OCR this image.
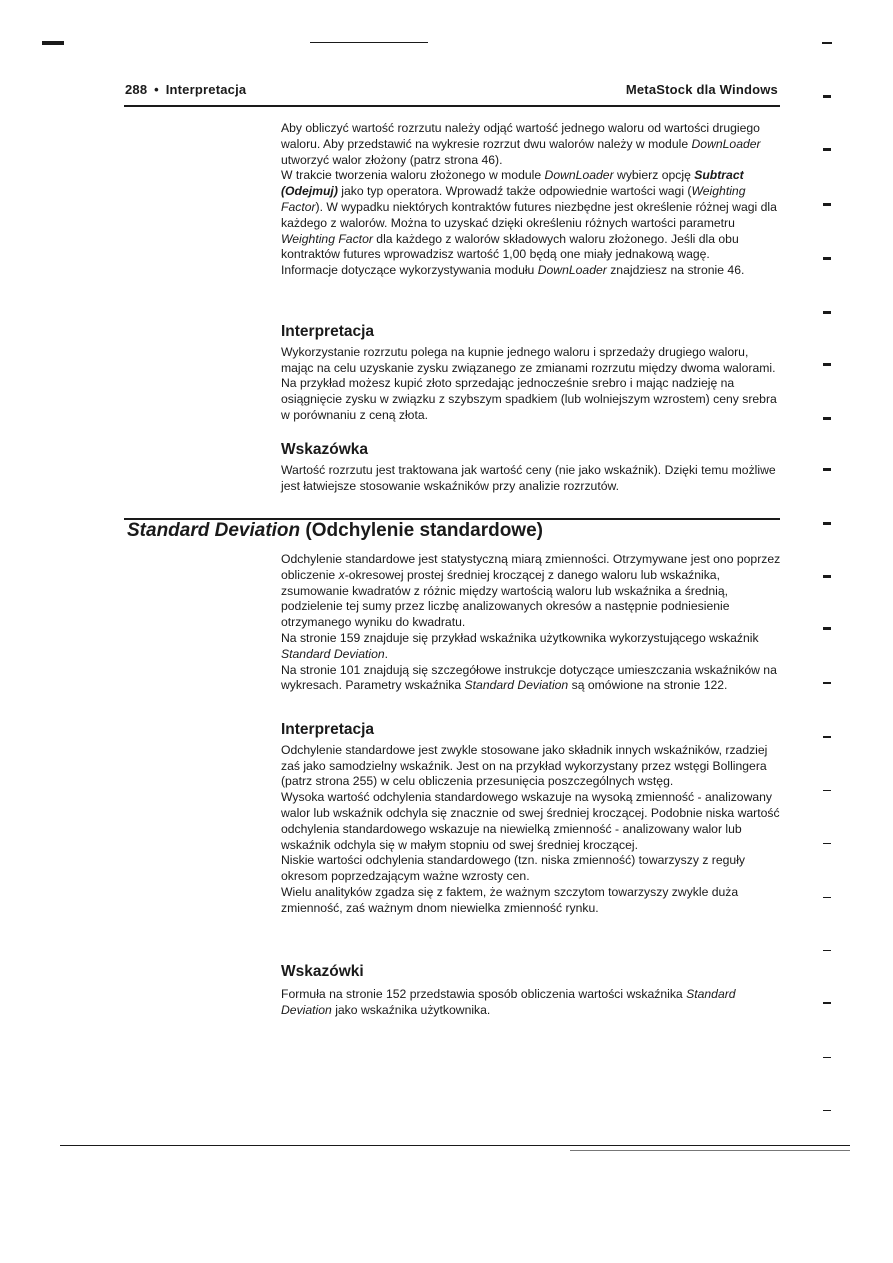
288 • Interpretacja	MetaStock dla Windows

Aby obliczyć wartość rozrzutu należy odjąć wartość jednego waloru od wartości drugiego waloru. Aby przedstawić na wykresie rozrzut dwu walorów należy w module DownLoader utworzyć walor złożony (patrz strona 46).

W trakcie tworzenia waloru złożonego w module DownLoader wybierz opcję Subtract (Odejmuj) jako typ operatora. Wprowadź także odpowiednie wartości wagi (Weighting Factor). W wypadku niektórych kontraktów futures niezbędne jest określenie różnej wagi dla każdego z walorów. Można to uzyskać dzięki określeniu różnych wartości parametru Weighting Factor dla każdego z walorów składowych waloru złożonego. Jeśli dla obu kontraktów futures wprowadzisz wartość 1,00 będą one miały jednakową wagę.

Informacje dotyczące wykorzystywania modułu DownLoader znajdziesz na stronie 46.

Interpretacja

Wykorzystanie rozrzutu polega na kupnie jednego waloru i sprzedaży drugiego waloru, mając na celu uzyskanie zysku związanego ze zmianami rozrzutu między dwoma walorami. Na przykład możesz kupić złoto sprzedając jednocześnie srebro i mając nadzieję na osiągnięcie zysku w związku z szybszym spadkiem (lub wolniejszym wzrostem) ceny srebra w porównaniu z ceną złota.

Wskazówka

Wartość rozrzutu jest traktowana jak wartość ceny (nie jako wskaźnik). Dzięki temu możliwe jest łatwiejsze stosowanie wskaźników przy analizie rozrzutów.

Standard Deviation (Odchylenie standardowe)

Odchylenie standardowe jest statystyczną miarą zmienności. Otrzymywane jest ono poprzez obliczenie x-okresowej prostej średniej kroczącej z danego waloru lub wskaźnika, zsumowanie kwadratów z różnic między wartością waloru lub wskaźnika a średnią, podzielenie tej sumy przez liczbę analizowanych okresów a następnie podniesienie otrzymanego wyniku do kwadratu.

Na stronie 159 znajduje się przykład wskaźnika użytkownika wykorzystującego wskaźnik Standard Deviation.

Na stronie 101 znajdują się szczegółowe instrukcje dotyczące umieszczania wskaźników na wykresach. Parametry wskaźnika Standard Deviation są omówione na stronie 122.

Interpretacja

Odchylenie standardowe jest zwykle stosowane jako składnik innych wskaźników, rzadziej zaś jako samodzielny wskaźnik. Jest on na przykład wykorzystany przez wstęgi Bollingera (patrz strona 255) w celu obliczenia przesunięcia poszczególnych wstęg.

Wysoka wartość odchylenia standardowego wskazuje na wysoką zmienność - analizowany walor lub wskaźnik odchyla się znacznie od swej średniej kroczącej. Podobnie niska wartość odchylenia standardowego wskazuje na niewielką zmienność - analizowany walor lub wskaźnik odchyla się w małym stopniu od swej średniej kroczącej.

Niskie wartości odchylenia standardowego (tzn. niska zmienność) towarzyszy z reguły okresom poprzedzającym ważne wzrosty cen.

Wielu analityków zgadza się z faktem, że ważnym szczytom towarzyszy zwykle duża zmienność, zaś ważnym dnom niewielka zmienność rynku.

Wskazówki

Formuła na stronie 152 przedstawia sposób obliczenia wartości wskaźnika Standard Deviation jako wskaźnika użytkownika.
